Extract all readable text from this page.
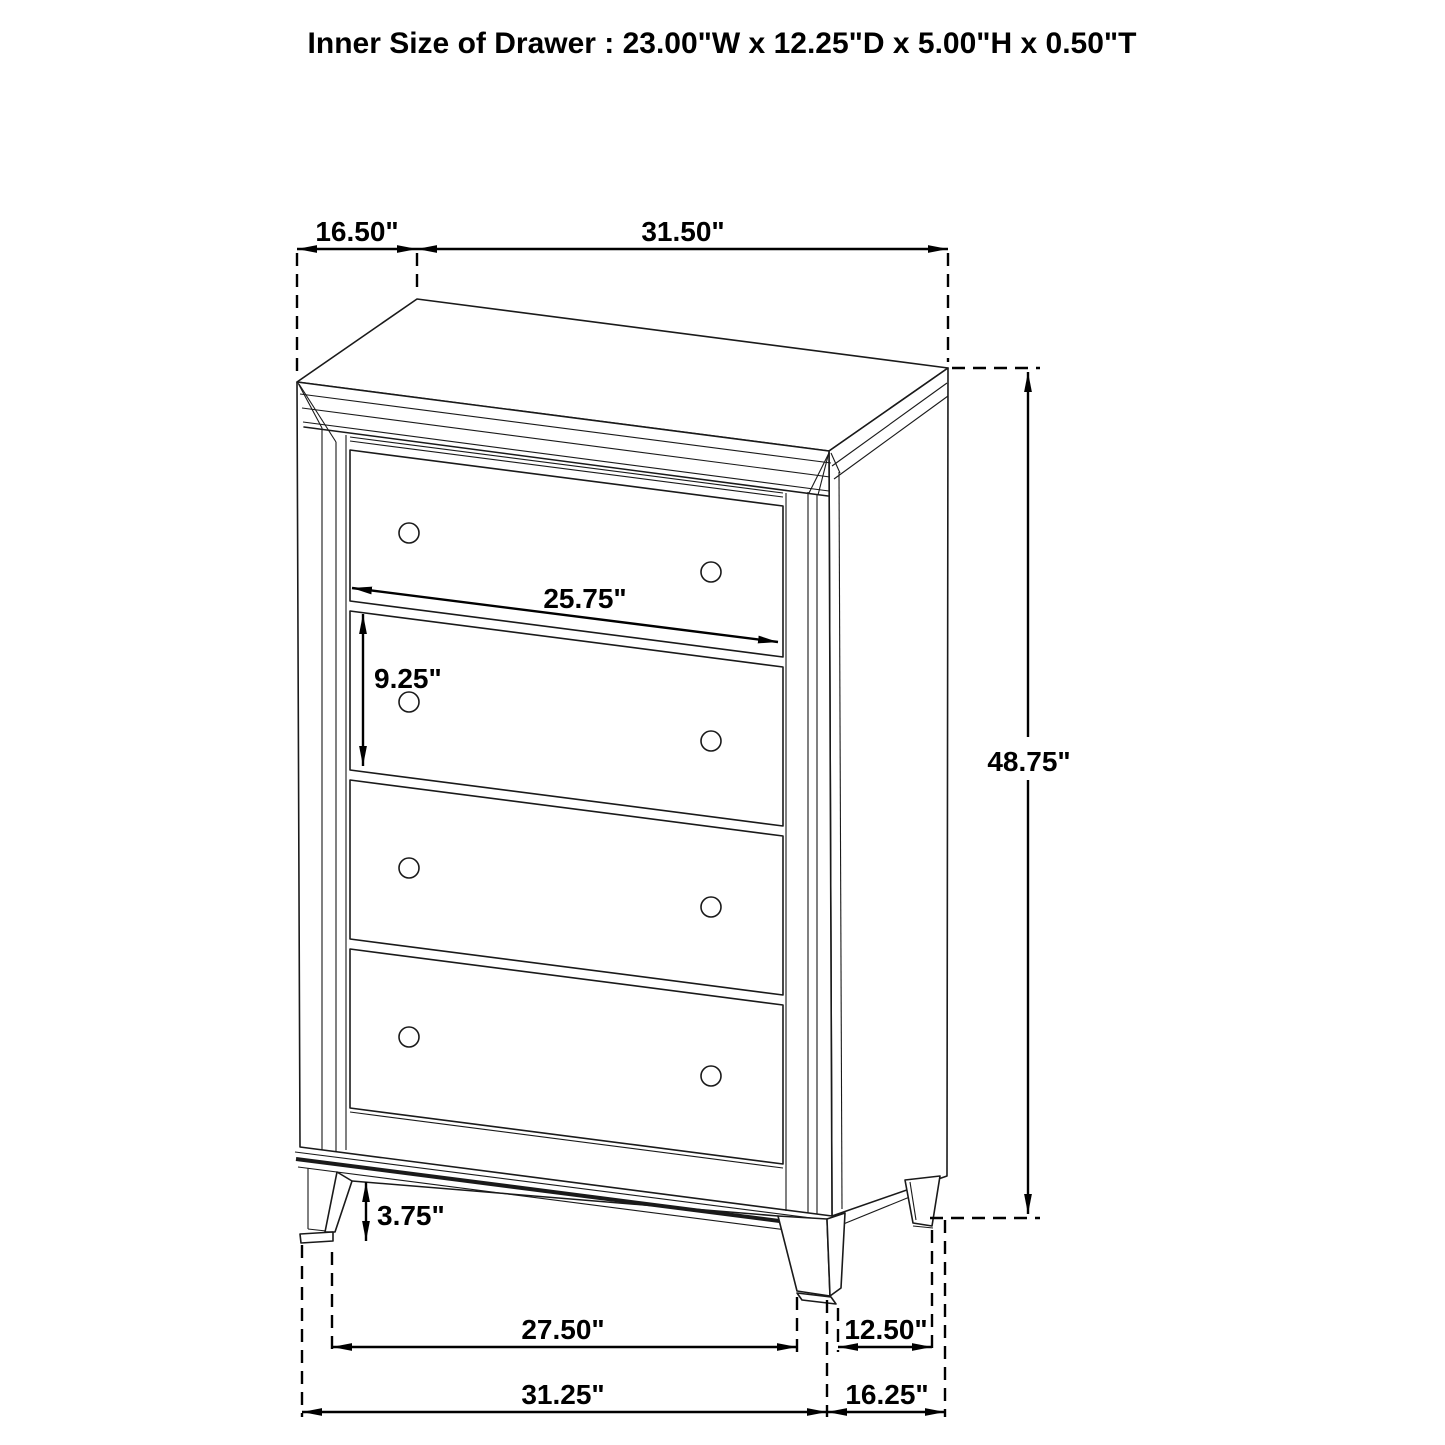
Inner Size of Drawer : 23.00"W x 12.25"D x 5.00"H x 0.50"T
16.50"	31.50"
48.75"
25.75"
9.25"
3.75"
27.50"	12.50"
31.25"	16.25"
